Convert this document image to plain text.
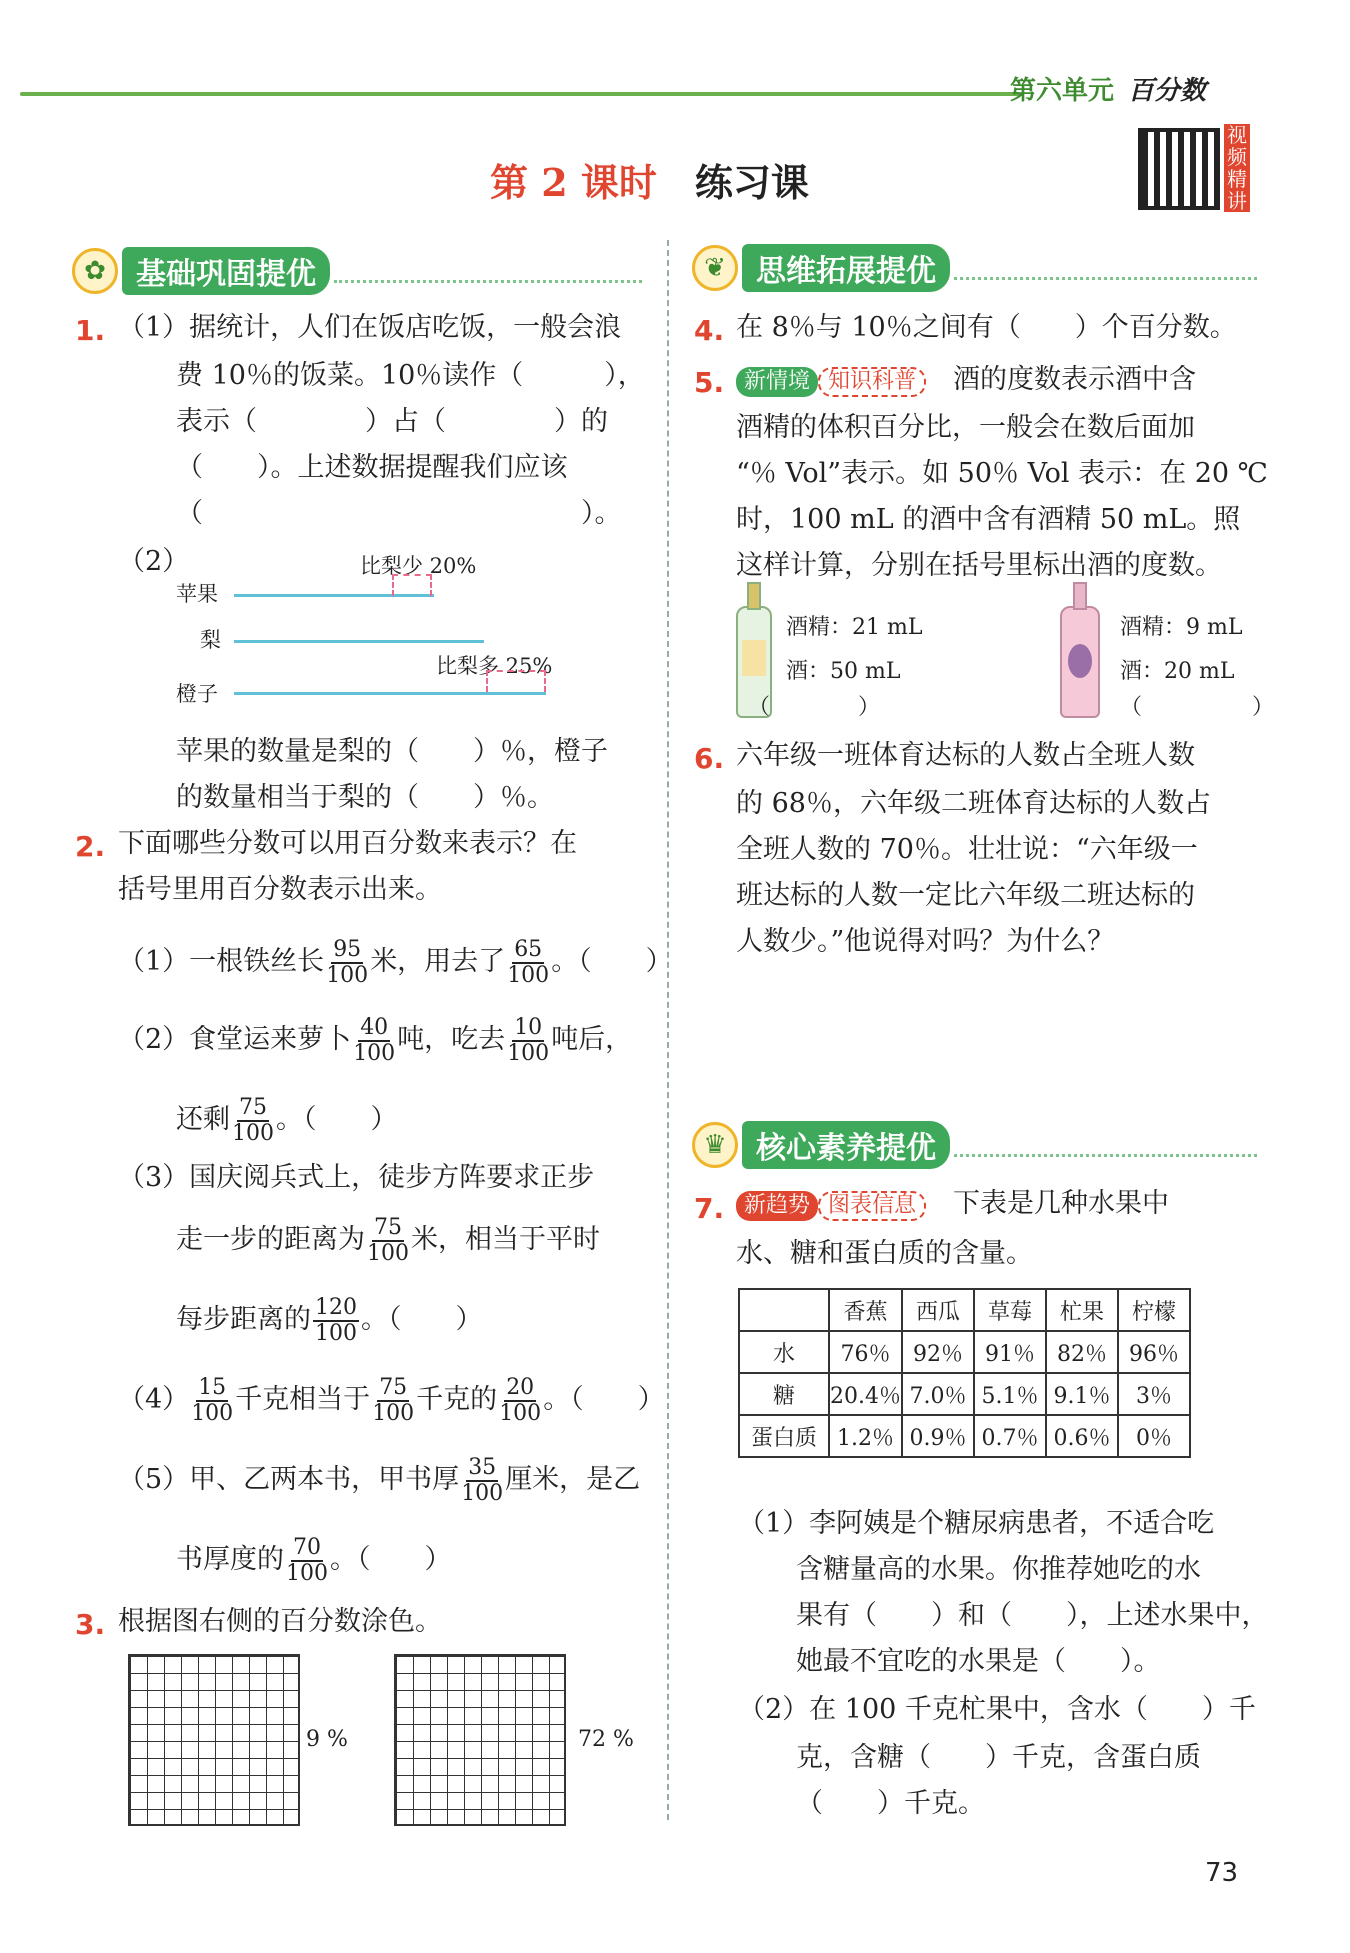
第六单元 百分数
第 2 课时　 练习课
视频精讲
✿	基础巩固提优	❦	思维拓展提优
♛ 核心素养提优
1. （1）据统计，人们在饭店吃饭，一般会浪
费 10％的饭菜。10％读作（　　　），
表示（　　　　）占（　　　　）的
（　　）。上述数据提醒我们应该
（　　　　　　　　　　　　　　）。
（2）	比梨少 20%
苹果
梨
橙子
比梨多 25%
苹果的数量是梨的（　　）％，橙子
的数量相当于梨的（　　）％。
2. 下面哪些分数可以用百分数来表示？在
括号里用百分数表示出来。
（1）一根铁丝长 $\frac{95}{100}$ 米，用去了 $\frac{65}{100}$ 。（　　）
（2）食堂运来萝卜 $\frac{40}{100}$ 吨，吃去 $\frac{10}{100}$ 吨后，
还剩 $\frac{75}{100}$ 。（　　）
（3）国庆阅兵式上，徒步方阵要求正步
走一步的距离为 $\frac{75}{100}$ 米，相当于平时
每步距离的 $\frac{120}{100}$ 。（　　）
$(4) \frac{15}{100}$ 千克相当于 $\frac{75}{100}$ 千克的 $\frac{20}{100}$ 。（　　）
（5）甲、乙两本书，甲书厚 $\frac{35}{100}$ 厘米，是乙
书厚度的 $\frac{70}{100}$ 。（　　）
3. 根据图右侧的百分数涂色。
9 %	72 %
4. 在 8％与 10％之间有（　　）个百分数。
5. 新情境 知识科普　 酒的度数表示酒中含
酒精的体积百分比，一般会在数后面加
“％ Vol”表示。如 50％ Vol 表示：在 20 ℃
时，100 mL 的酒中含有酒精 50 mL。照
这样计算，分别在括号里标出酒的度数。
酒精：21 mL
酒：50 mL
（　　　　）
酒精：9 mL
酒：20 mL
（　　　　　）
6. 六年级一班体育达标的人数占全班人数
的 68％，六年级二班体育达标的人数占
全班人数的 70％。壮壮说：“六年级一
班达标的人数一定比六年级二班达标的
人数少。”他说得对吗？为什么？
7. 新趋势 图表信息　 下表是几种水果中
水、糖和蛋白质的含量。
	香蕉	西瓜	草莓	杧果	柠檬
水	76％	92％	91％	82％	96％
糖	20.4％	7.0％	5.1％	9.1％	3％
蛋白质	1.2％	0.9％	0.7％	0.6％	0％
（1）李阿姨是个糖尿病患者，不适合吃
含糖量高的水果。你推荐她吃的水
果有（　　）和（　　），上述水果中，
她最不宜吃的水果是（　　）。
（2）在 100 千克杧果中，含水（　　）千
克，含糖（　　）千克，含蛋白质
（　　）千克。
73
